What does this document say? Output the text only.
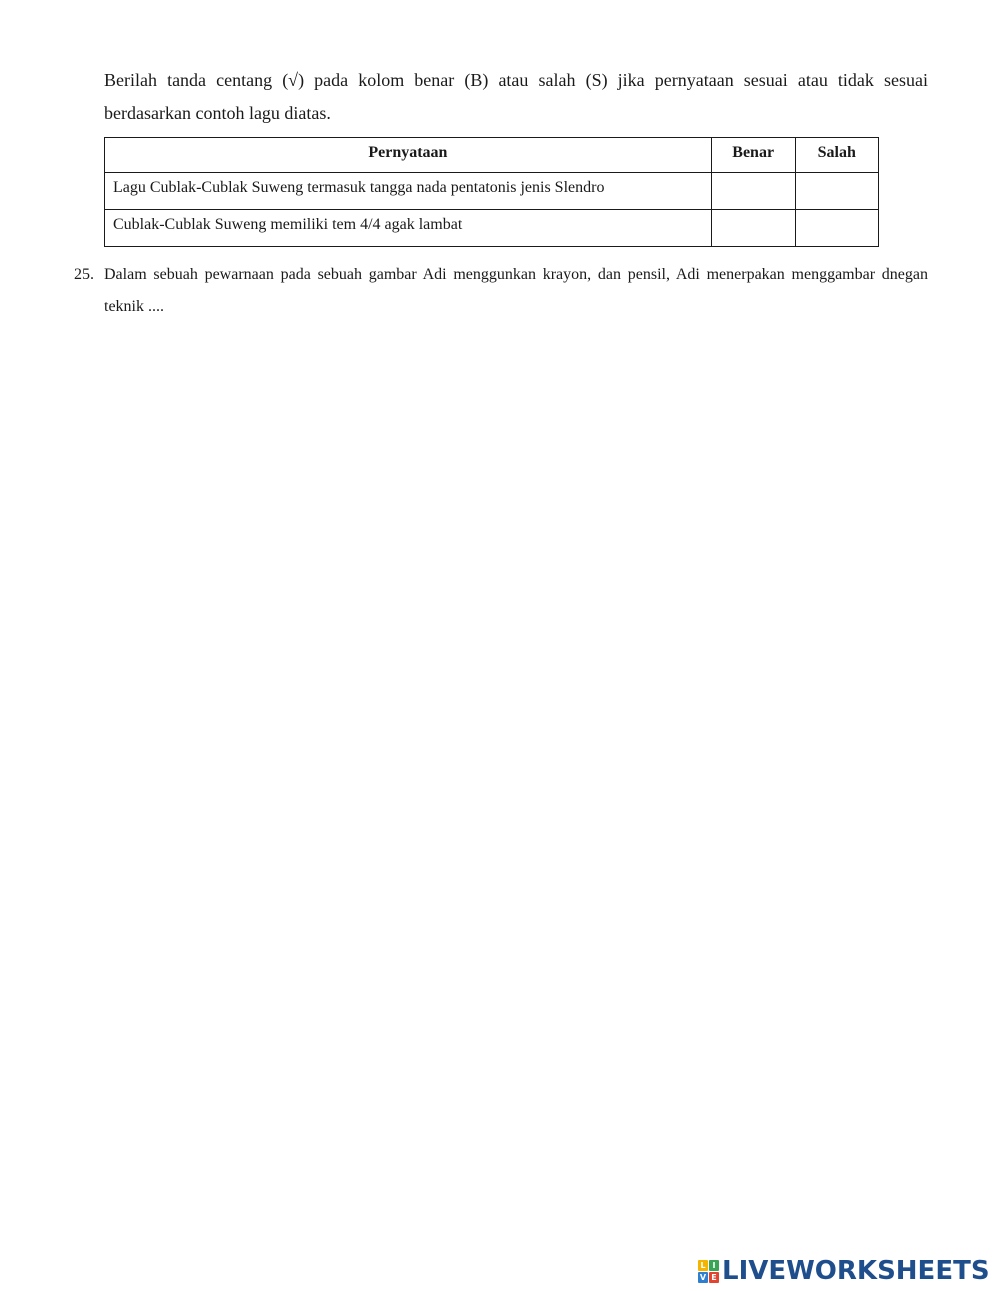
Berilah tanda centang (√) pada kolom benar (B) atau salah (S) jika pernyataan sesuai atau tidak sesuai berdasarkan contoh lagu diatas.

Pernyataan	Benar	Salah
Lagu Cublak-Cublak Suweng termasuk tangga nada pentatonis jenis Slendro		
Cublak-Cublak Suweng memiliki tem 4/4 agak lambat		
25. Dalam sebuah pewarnaan pada sebuah gambar Adi menggunkan krayon, dan pensil, Adi menerpakan menggambar dnegan teknik ....

L I
V E LIVEWORKSHEETS
